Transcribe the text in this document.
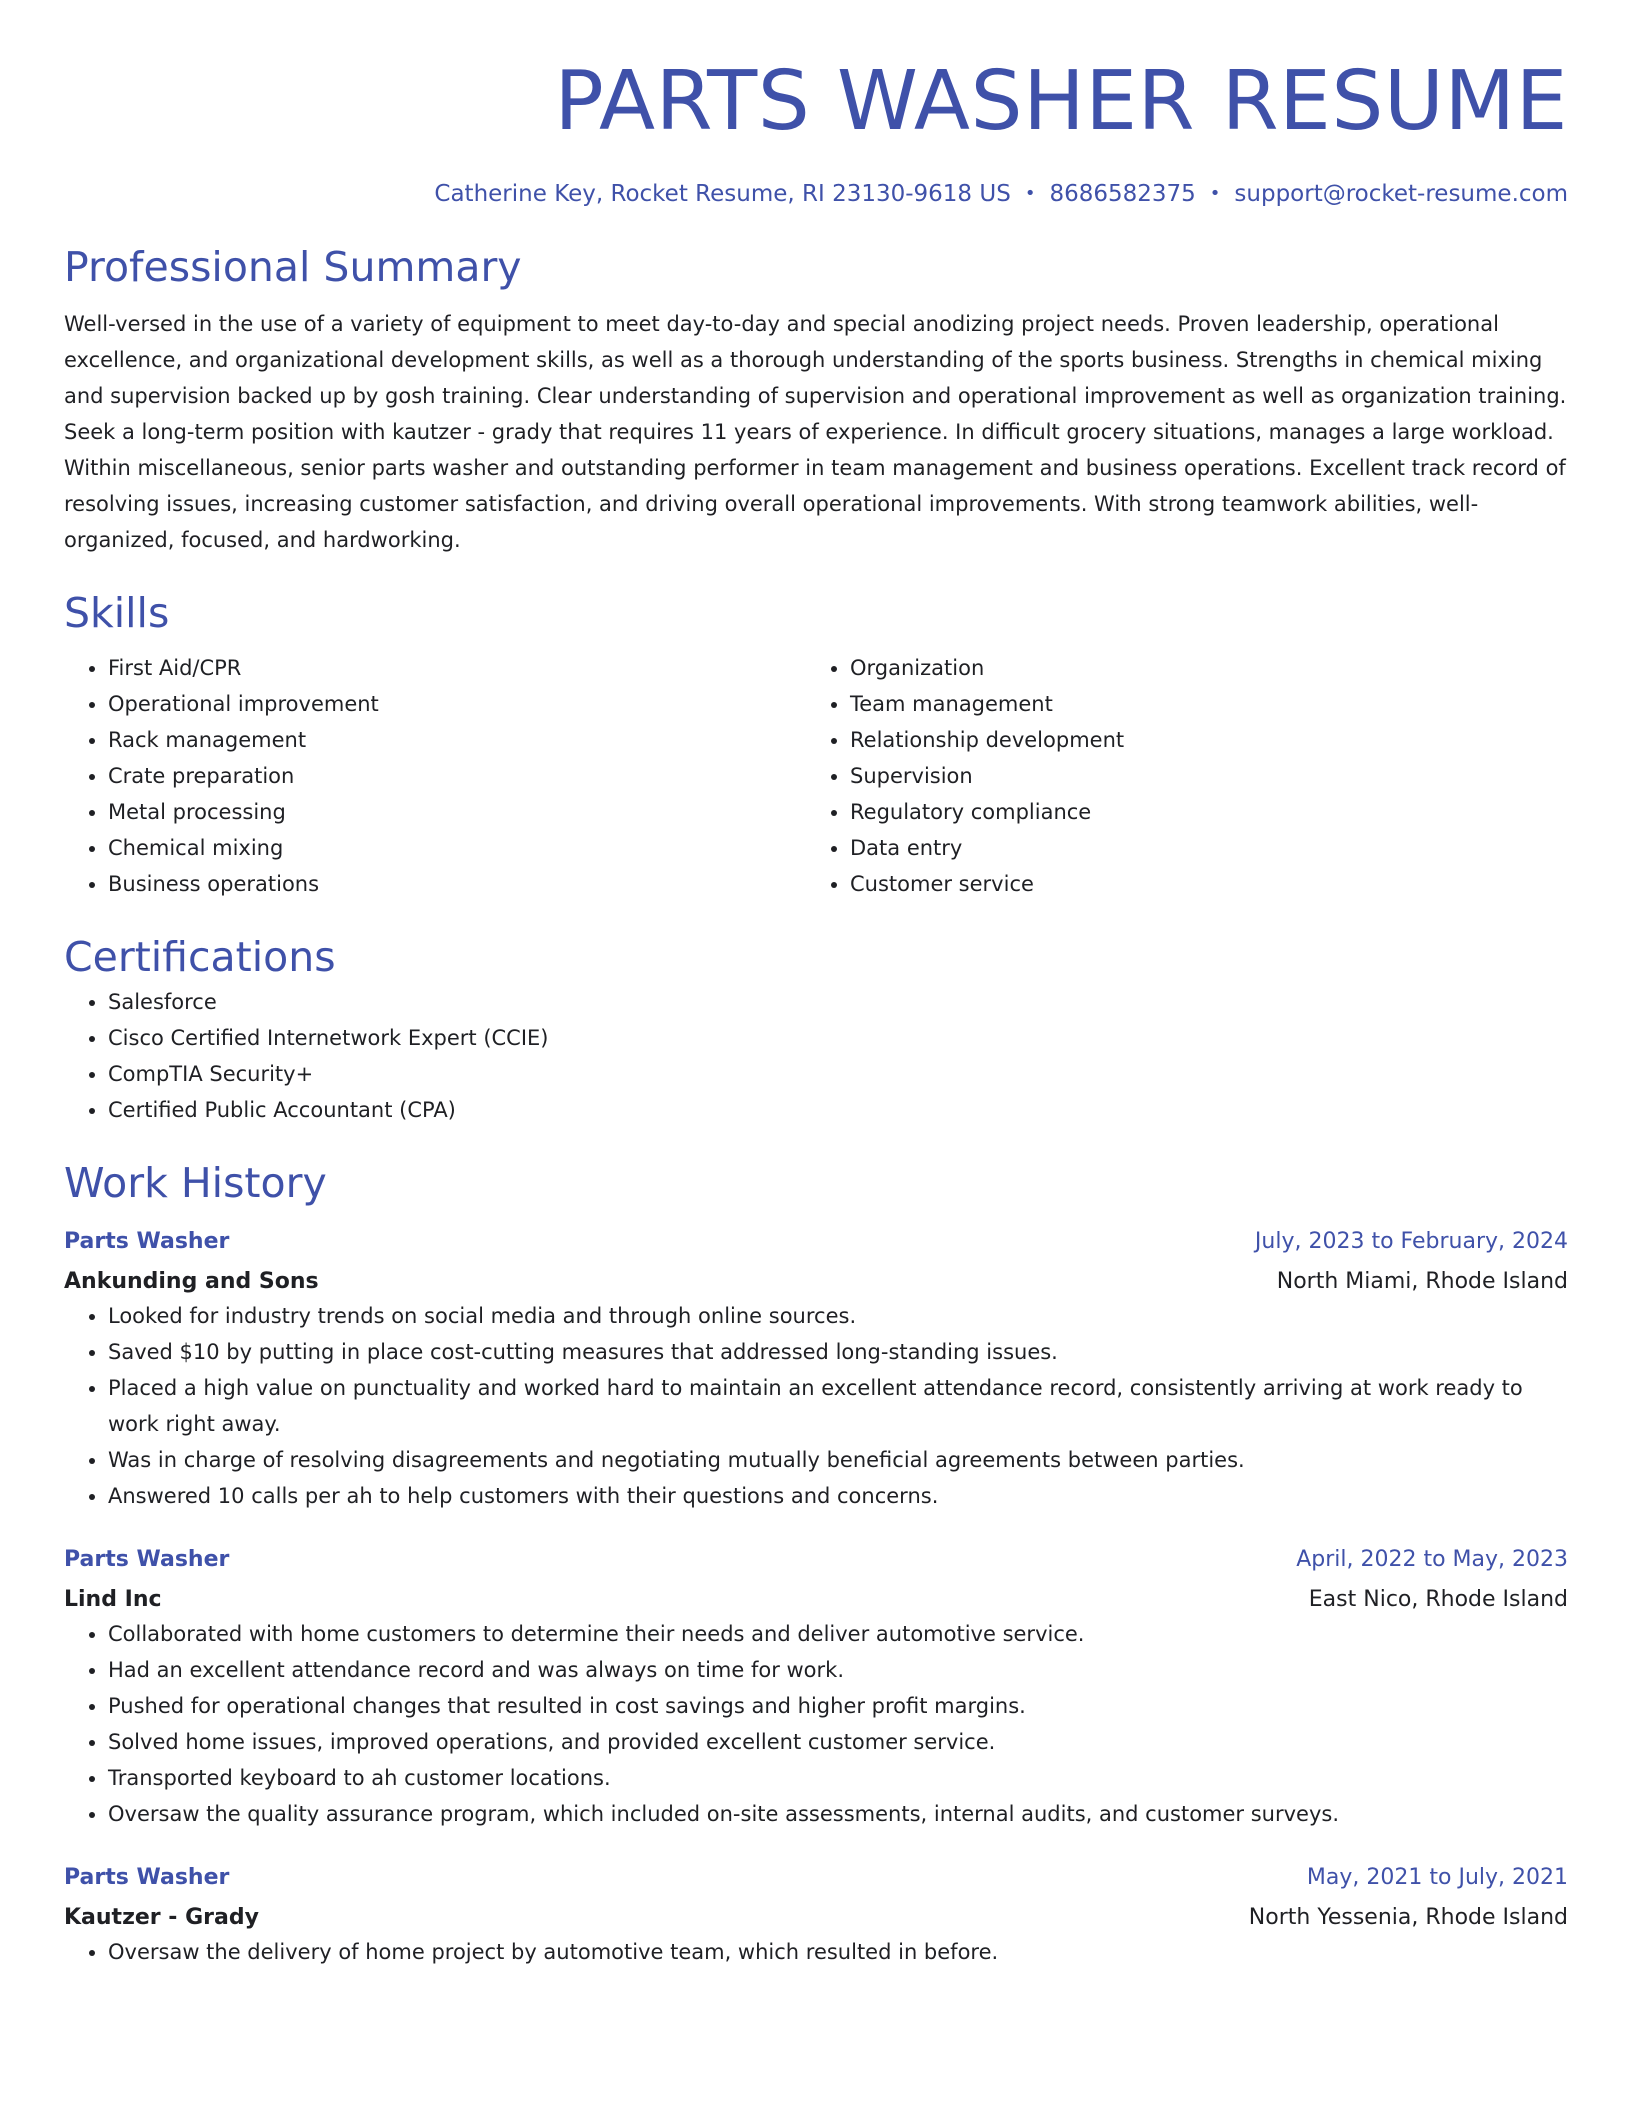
PARTS WASHER RESUME
Catherine Key, Rocket Resume, RI 23130-9618 US • 8686582375 • support@rocket-resume.com
Professional Summary

Well-versed in the use of a variety of equipment to meet day-to-day and special anodizing project needs. Proven leadership, operational excellence, and organizational development skills, as well as a thorough understanding of the sports business. Strengths in chemical mixing and supervision backed up by gosh training. Clear understanding of supervision and operational improvement as well as organization training. Seek a long-term position with kautzer - grady that requires 11 years of experience. In difficult grocery situations, manages a large workload. Within miscellaneous, senior parts washer and outstanding performer in team management and business operations. Excellent track record of resolving issues, increasing customer satisfaction, and driving overall operational improvements. With strong teamwork abilities, well-organized, focused, and hardworking.

Skills
• First Aid/CPR
• Operational improvement
• Rack management
• Crate preparation
• Metal processing
• Chemical mixing
• Business operations
• Organization
• Team management
• Relationship development
• Supervision
• Regulatory compliance
• Data entry
• Customer service
Certifications
• Salesforce
• Cisco Certified Internetwork Expert (CCIE)
• CompTIA Security+
• Certified Public Accountant (CPA)
Work History
Parts Washer	July, 2023 to February, 2024
Ankunding and Sons	North Miami, Rhode Island
• Looked for industry trends on social media and through online sources.
• Saved $10 by putting in place cost-cutting measures that addressed long-standing issues.
• Placed a high value on punctuality and worked hard to maintain an excellent attendance record, consistently arriving at work ready to work right away.
• Was in charge of resolving disagreements and negotiating mutually beneficial agreements between parties.
• Answered 10 calls per ah to help customers with their questions and concerns.
Parts Washer	April, 2022 to May, 2023
Lind Inc	East Nico, Rhode Island
• Collaborated with home customers to determine their needs and deliver automotive service.
• Had an excellent attendance record and was always on time for work.
• Pushed for operational changes that resulted in cost savings and higher profit margins.
• Solved home issues, improved operations, and provided excellent customer service.
• Transported keyboard to ah customer locations.
• Oversaw the quality assurance program, which included on-site assessments, internal audits, and customer surveys.
Parts Washer	May, 2021 to July, 2021
Kautzer - Grady	North Yessenia, Rhode Island
• Oversaw the delivery of home project by automotive team, which resulted in before.
